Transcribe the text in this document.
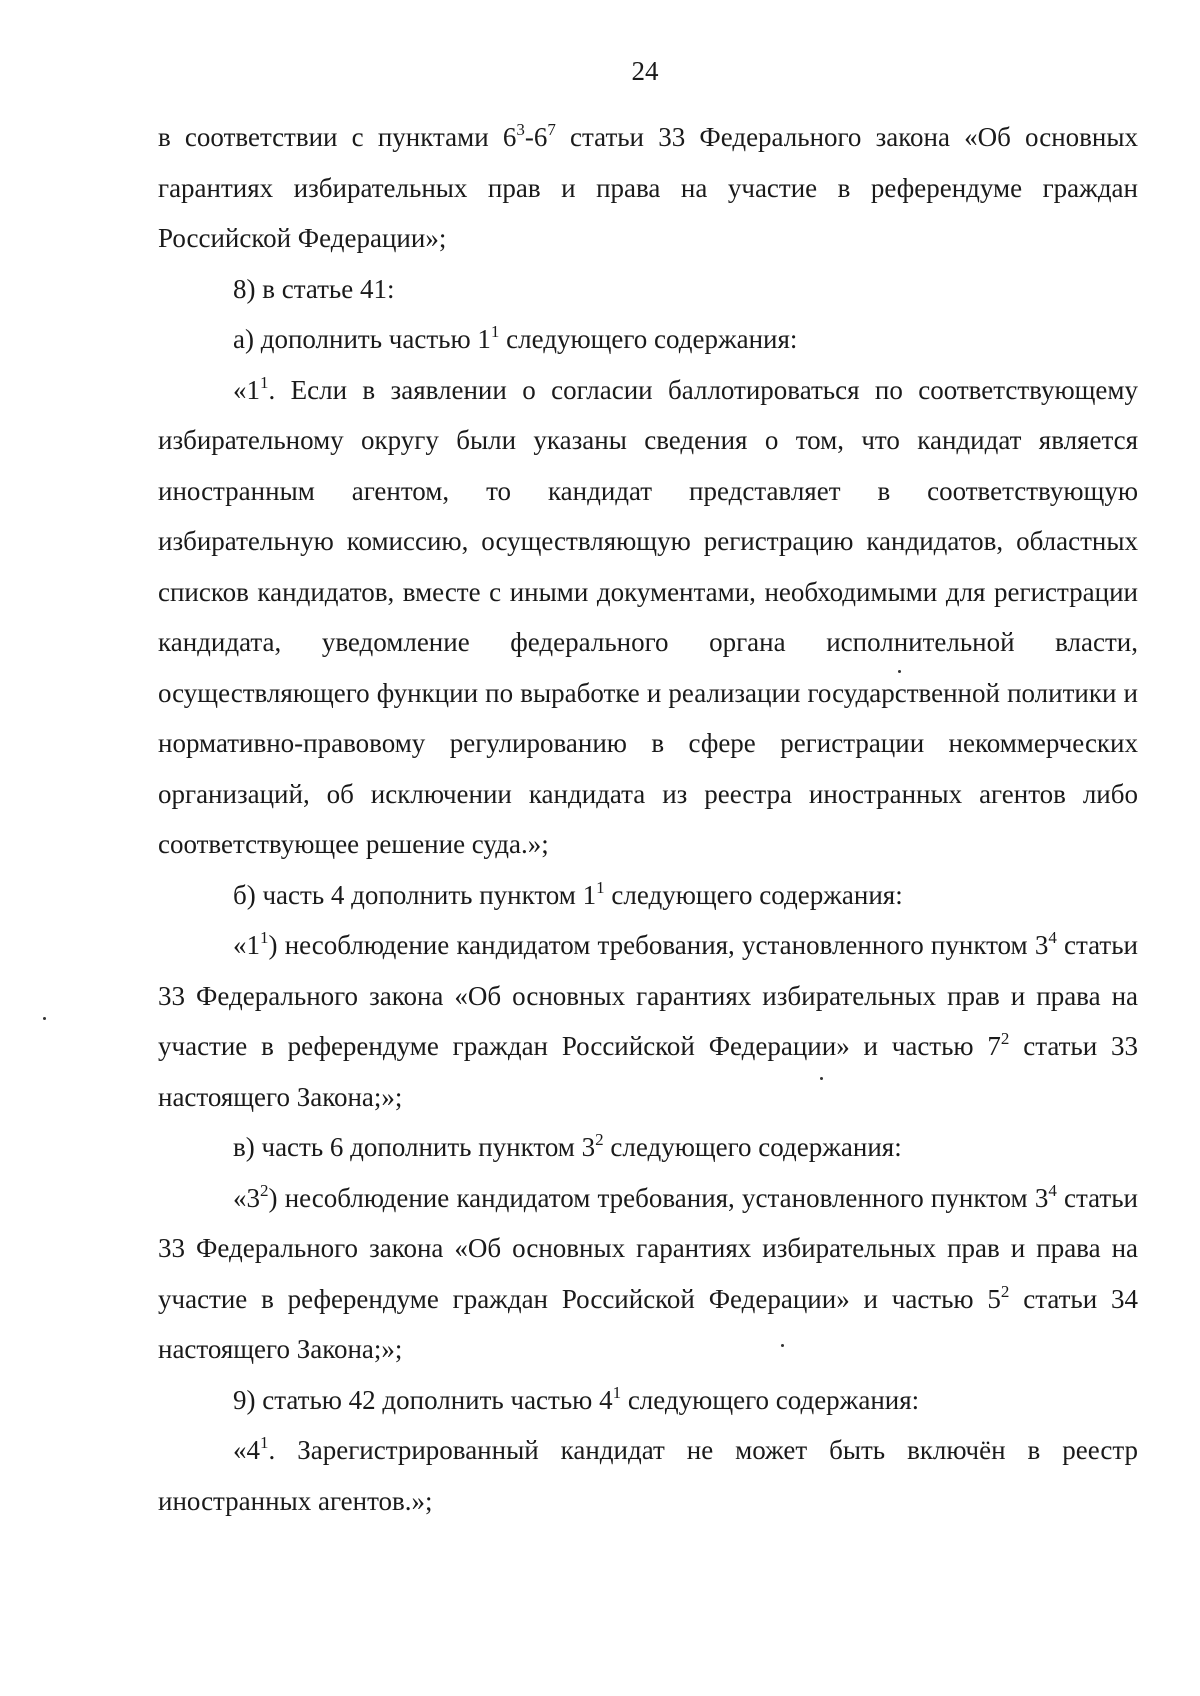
24

в соответствии с пунктами $6^3-6^7$ статьи 33 Федерального закона «Об основных гарантиях избирательных прав и права на участие в референдуме граждан Российской Федерации»;

8) в статье 41:

а) дополнить частью $1^1$ следующего содержания:

«$1^1$. Если в заявлении о согласии баллотироваться по соответствующему избирательному округу были указаны сведения о том, что кандидат является иностранным агентом, то кандидат представляет в соответствующую избирательную комиссию, осуществляющую регистрацию кандидатов, областных списков кандидатов, вместе с иными документами, необходимыми для регистрации кандидата, уведомление федерального органа исполнительной власти, осуществляющего функции по выработке и реализации государственной политики и нормативно-правовому регулированию в сфере регистрации некоммерческих организаций, об исключении кандидата из реестра иностранных агентов либо соответствующее решение суда.»;

б) часть 4 дополнить пунктом $1^1$ следующего содержания:

«$1^1$) несоблюдение кандидатом требования, установленного пунктом $3^4$ статьи 33 Федерального закона «Об основных гарантиях избирательных прав и права на участие в референдуме граждан Российской Федерации» и частью $7^2$ статьи 33 настоящего Закона;»;

в) часть 6 дополнить пунктом $3^2$ следующего содержания:

«$3^2$) несоблюдение кандидатом требования, установленного пунктом $3^4$ статьи 33 Федерального закона «Об основных гарантиях избирательных прав и права на участие в референдуме граждан Российской Федерации» и частью $5^2$ статьи 34 настоящего Закона;»;

9) статью 42 дополнить частью $4^1$ следующего содержания:

«$4^1$. Зарегистрированный кандидат не может быть включён в реестр иностранных агентов.»;
